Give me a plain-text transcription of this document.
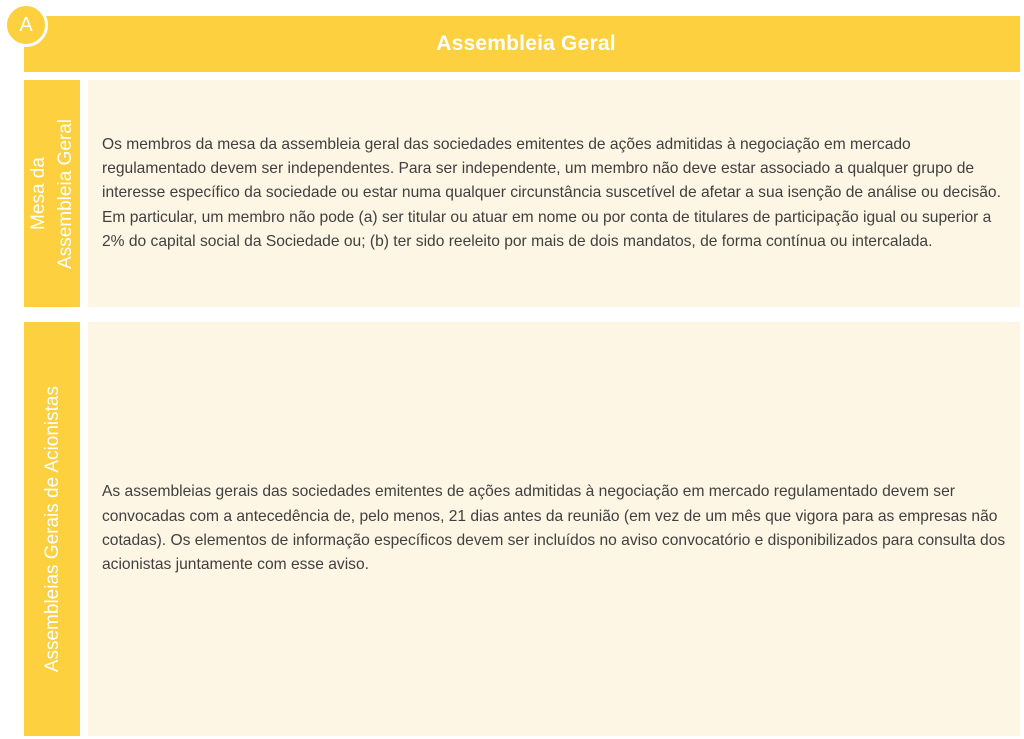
A
Assembleia Geral
Mesa da Assembleia Geral Os membros da mesa da assembleia geral das sociedades emitentes de ações admitidas à negociação em mercado regulamentado devem ser independentes. Para ser independente, um membro não deve estar associado a qualquer grupo de interesse específico da sociedade ou estar numa qualquer circunstância suscetível de afetar a sua isenção de análise ou decisão. Em particular, um membro não pode (a) ser titular ou atuar em nome ou por conta de titulares de participação igual ou superior a 2% do capital social da Sociedade ou; (b) ter sido reeleito por mais de dois mandatos, de forma contínua ou intercalada.

Assembleias Gerais de Acionistas	As assembleias gerais das sociedades emitentes de ações admitidas à negociação em mercado regulamentado devem ser convocadas com a antecedência de, pelo menos, 21 dias antes da reunião (em vez de um mês que vigora para as empresas não cotadas). Os elementos de informação específicos devem ser incluídos no aviso convocatório e disponibilizados para consulta dos acionistas juntamente com esse aviso.
